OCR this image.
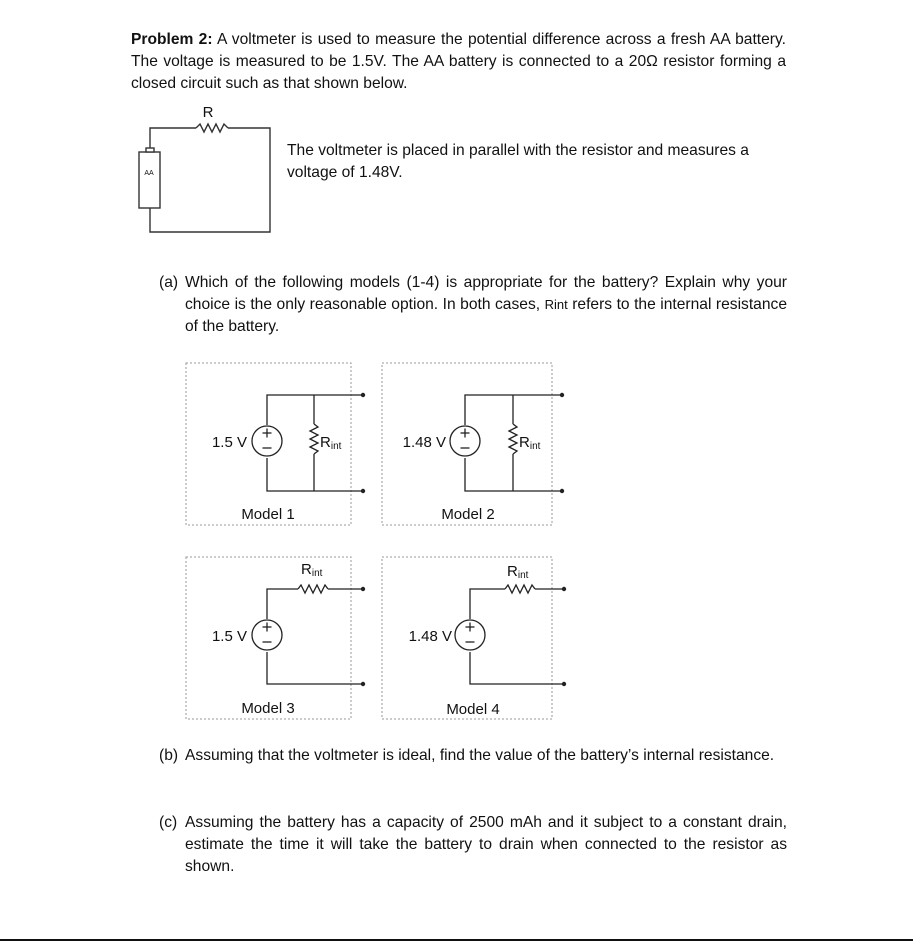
Problem 2: A voltmeter is used to measure the potential difference across a fresh AA battery. The voltage is measured to be 1.5V. The AA battery is connected to a 20Ω resistor forming a closed circuit such as that shown below.
The voltmeter is placed in parallel with the resistor and measures a voltage of 1.48V.
(a) Which of the following models (1-4) is appropriate for the battery? Explain why your choice is the only reasonable option. In both cases, Rint refers to the internal resistance of the battery.
(b) Assuming that the voltmeter is ideal, find the value of the battery’s internal resistance.
(c) Assuming the battery has a capacity of 2500 mAh and it subject to a constant drain, estimate the time it will take the battery to drain when connected to the resistor as shown.
R
AA
1.5 V	Rint
Model 1
1.48 V	Rint
Model 2
1.5 V
Rint
Model 3
1.48 V
Rint
Model 4
